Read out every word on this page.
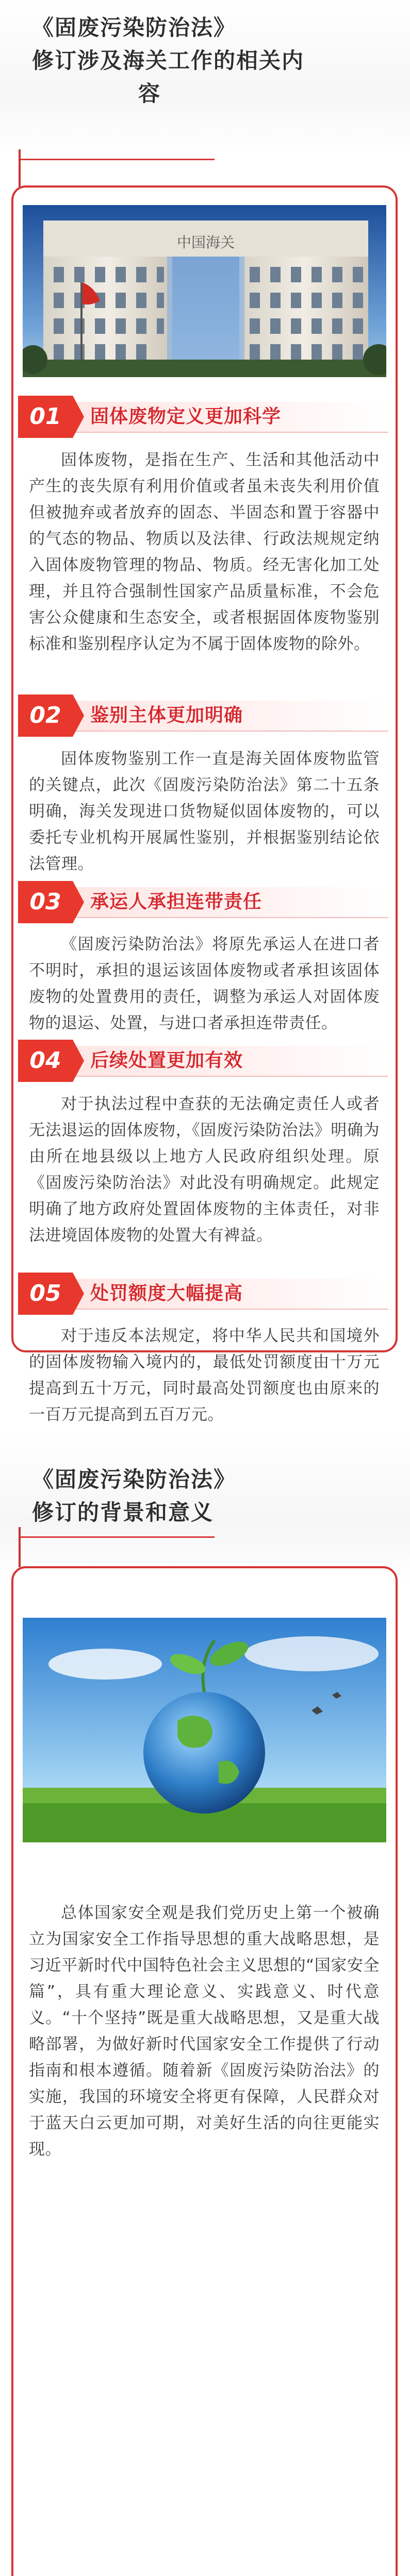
《固废污染防治法》
修订涉及海关工作的相关内
容
中国海关
01	固体废物定义更加科学

固体废物，是指在生产、生活和其他活动中产生的丧失原有利用价值或者虽未丧失利用价值但被抛弃或者放弃的固态、半固态和置于容器中的气态的物品、物质以及法律、行政法规规定纳入固体废物管理的物品、物质。经无害化加工处理，并且符合强制性国家产品质量标准，不会危害公众健康和生态安全，或者根据固体废物鉴别标准和鉴别程序认定为不属于固体废物的除外。

02	鉴别主体更加明确

固体废物鉴别工作一直是海关固体废物监管的关键点，此次《固废污染防治法》第二十五条明确，海关发现进口货物疑似固体废物的，可以委托专业机构开展属性鉴别，并根据鉴别结论依法管理。

03	承运人承担连带责任

《固废污染防治法》将原先承运人在进口者不明时，承担的退运该固体废物或者承担该固体废物的处置费用的责任，调整为承运人对固体废物的退运、处置，与进口者承担连带责任。

04	后续处置更加有效

对于执法过程中查获的无法确定责任人或者无法退运的固体废物，《固废污染防治法》明确为由所在地县级以上地方人民政府组织处理。原《固废污染防治法》对此没有明确规定。此规定明确了地方政府处置固体废物的主体责任，对非法进境固体废物的处置大有裨益。

05	处罚额度大幅提高

对于违反本法规定，将中华人民共和国境外的固体废物输入境内的，最低处罚额度由十万元提高到五十万元，同时最高处罚额度也由原来的一百万元提高到五百万元。

《固废污染防治法》
修订的背景和意义

总体国家安全观是我们党历史上第一个被确立为国家安全工作指导思想的重大战略思想，是习近平新时代中国特色社会主义思想的“国家安全篇”，具有重大理论意义、实践意义、时代意义。“十个坚持”既是重大战略思想，又是重大战略部署，为做好新时代国家安全工作提供了行动指南和根本遵循。随着新《固废污染防治法》的实施，我国的环境安全将更有保障，人民群众对于蓝天白云更加可期，对美好生活的向往更能实现。
